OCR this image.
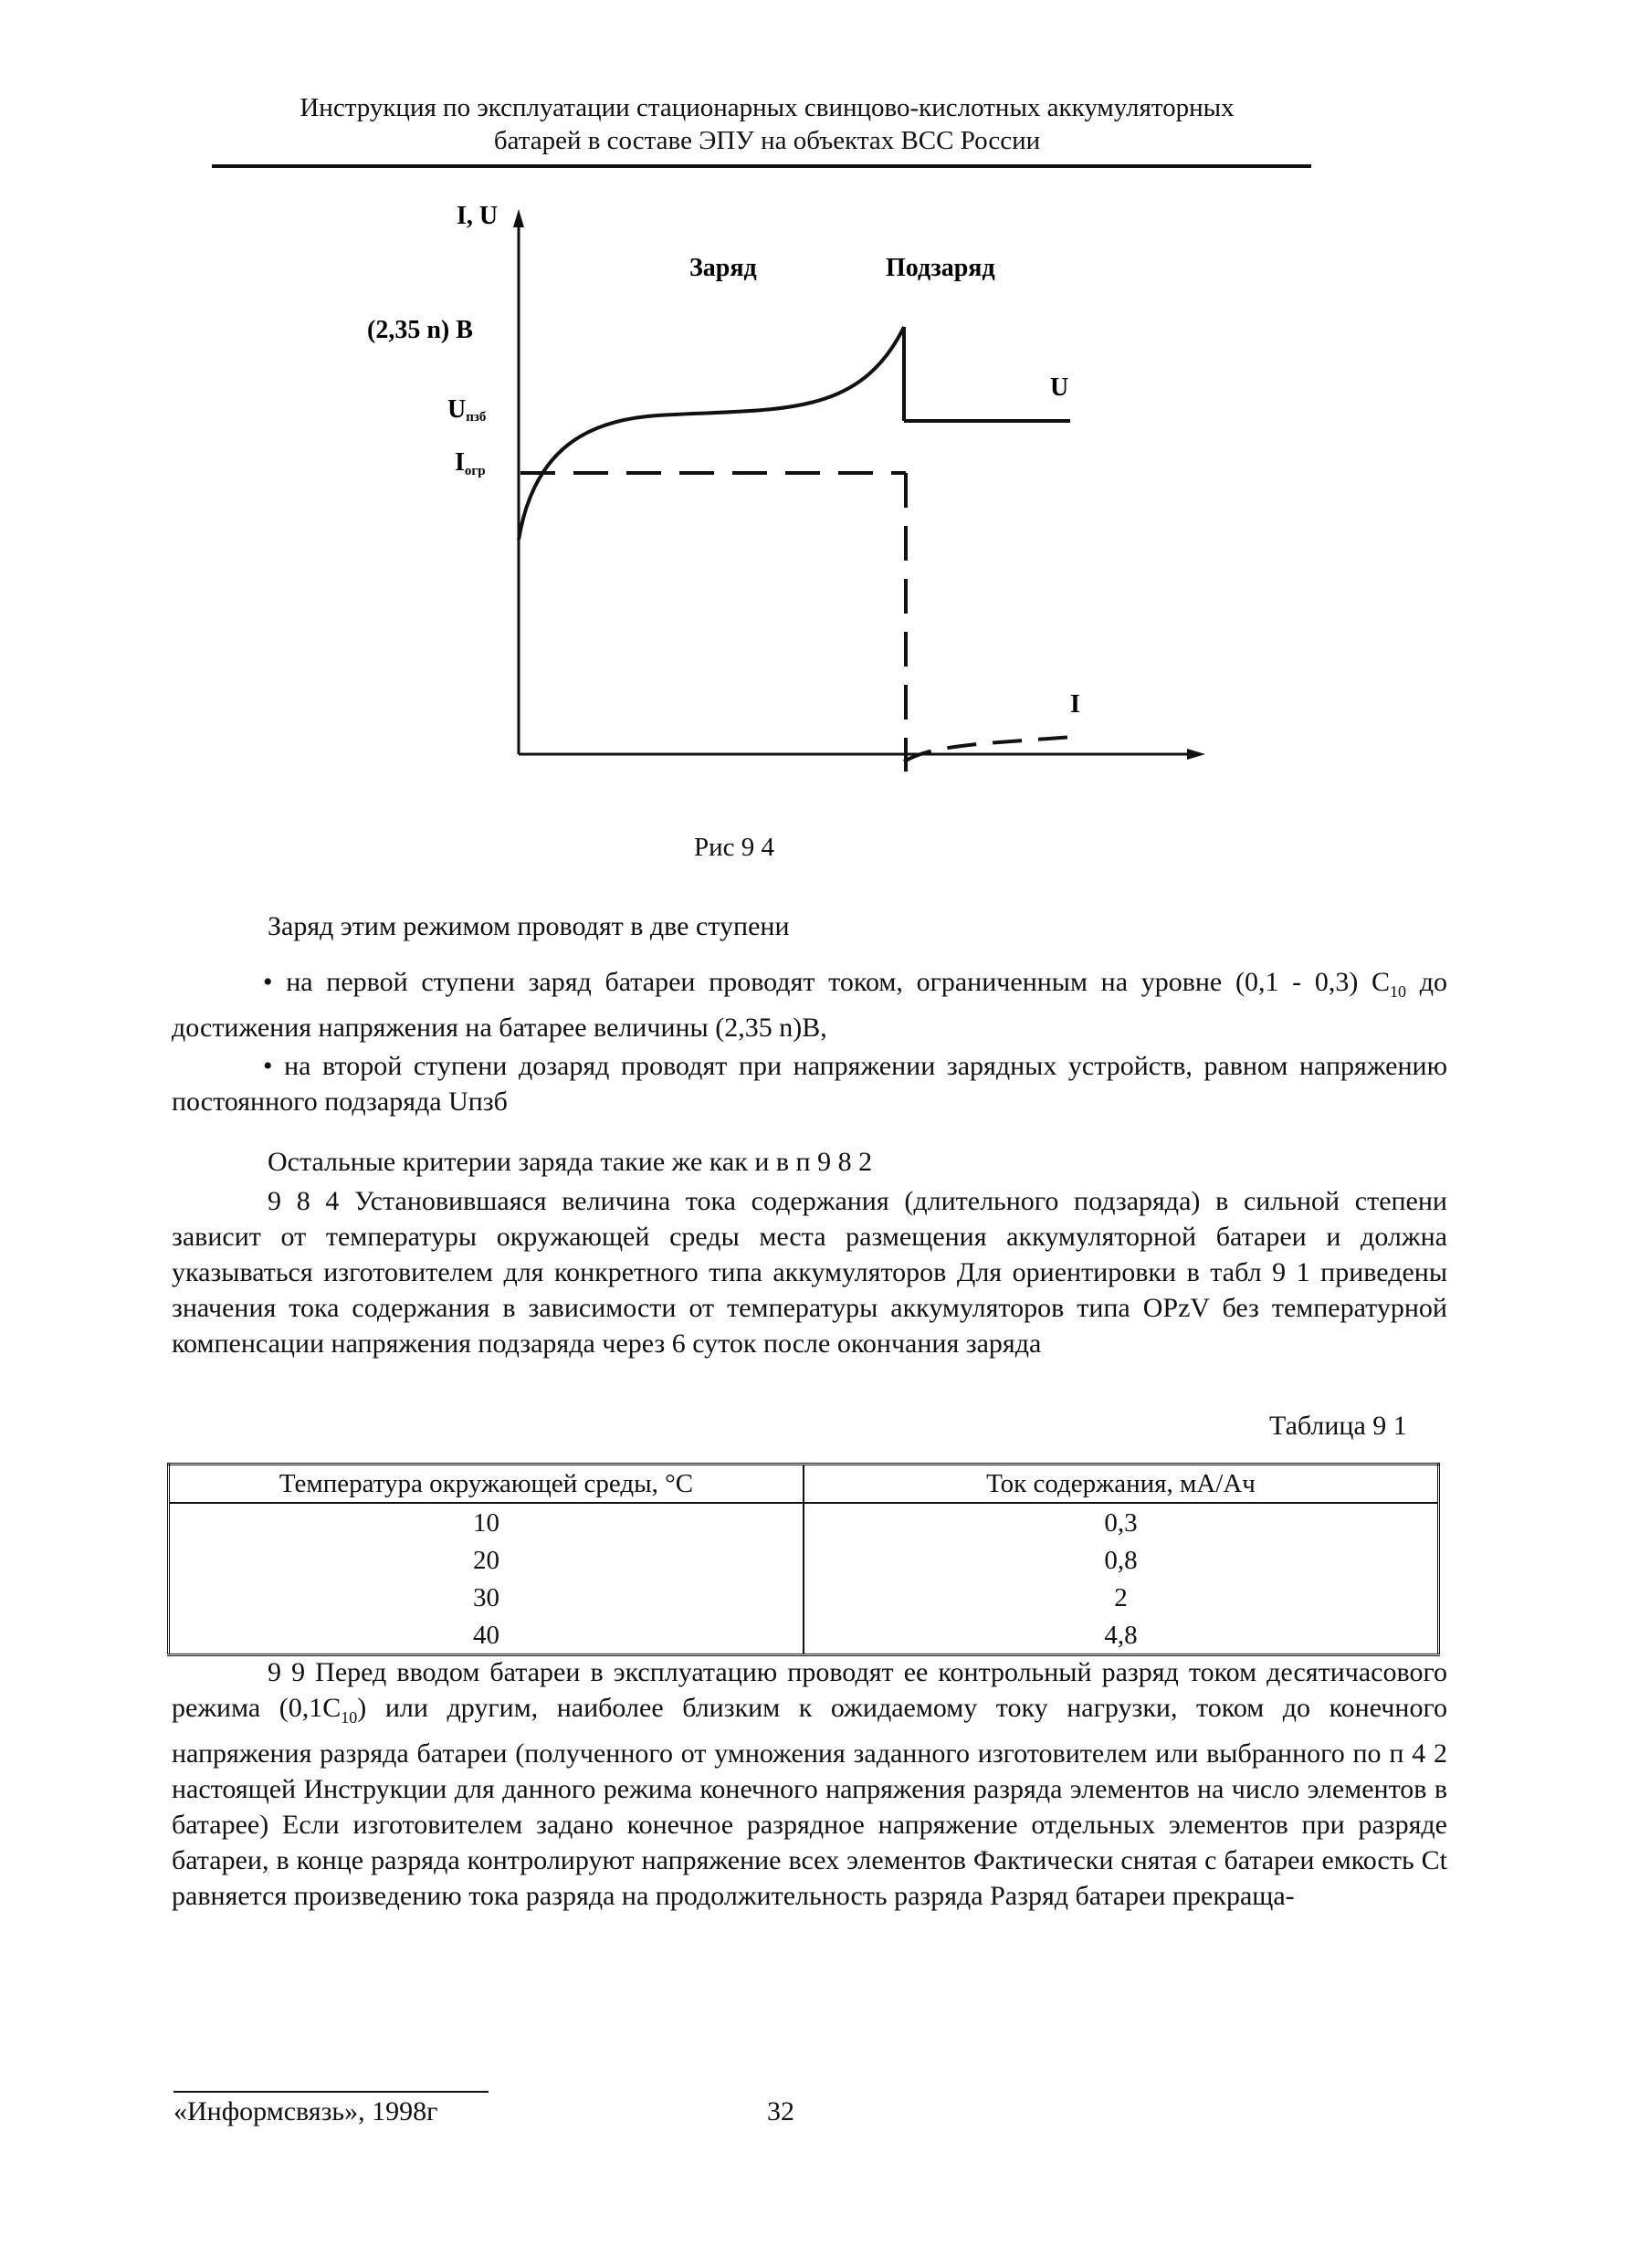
Инструкция по эксплуатации стационарных свинцово-кислотных аккумуляторных
батарей в составе ЭПУ на объектах ВСС России
I, U
Заряд	Подзаряд
(2,35 n) B
Uпзб
Iогр
U
I
Рис 9 4
Заряд этим режимом проводят в две ступени
• на первой ступени заряд батареи проводят током, ограниченным на уровне (0,1 - 0,3) $С_{10}$ до достижения напряжения на батарее величины (2,35 n)В,
• на второй ступени дозаряд проводят при напряжении зарядных устройств, равном напряжению постоянного подзаряда Uпзб
Остальные критерии заряда такие же как и в п 9 8 2
9 8 4 Установившаяся величина тока содержания (длительного подзаряда) в сильной степени зависит от температуры окружающей среды места размещения аккумуляторной батареи и должна указываться изготовителем для конкретного типа аккумуляторов Для ориентировки в табл 9 1 приведены значения тока содержания в зависимости от температуры аккумуляторов типа OPzV без температурной компенсации напряжения подзаряда через 6 суток после окончания заряда
Таблица 9 1
Температура окружающей среды, °С	Ток содержания, мА/Ач
10	0,3
20	0,8
30	2
40	4,8
9 9 Перед вводом батареи в эксплуатацию проводят ее контрольный разряд током десятичасового режима $(0,1С_{10})$ или другим, наиболее близким к ожидаемому току нагрузки, током до конечного напряжения разряда батареи (полученного от умножения заданного изготовителем или выбранного по п 4 2 настоящей Инструкции для данного режима конечного напряжения разряда элементов на число элементов в батарее) Если изготовителем задано конечное разрядное напряжение отдельных элементов при разряде батареи, в конце разряда контролируют напряжение всех элементов Фактически снятая с батареи емкость Ct равняется произведению тока разряда на продолжительность разряда Разряд батареи прекраща-
«Информсвязь», 1998г	32
